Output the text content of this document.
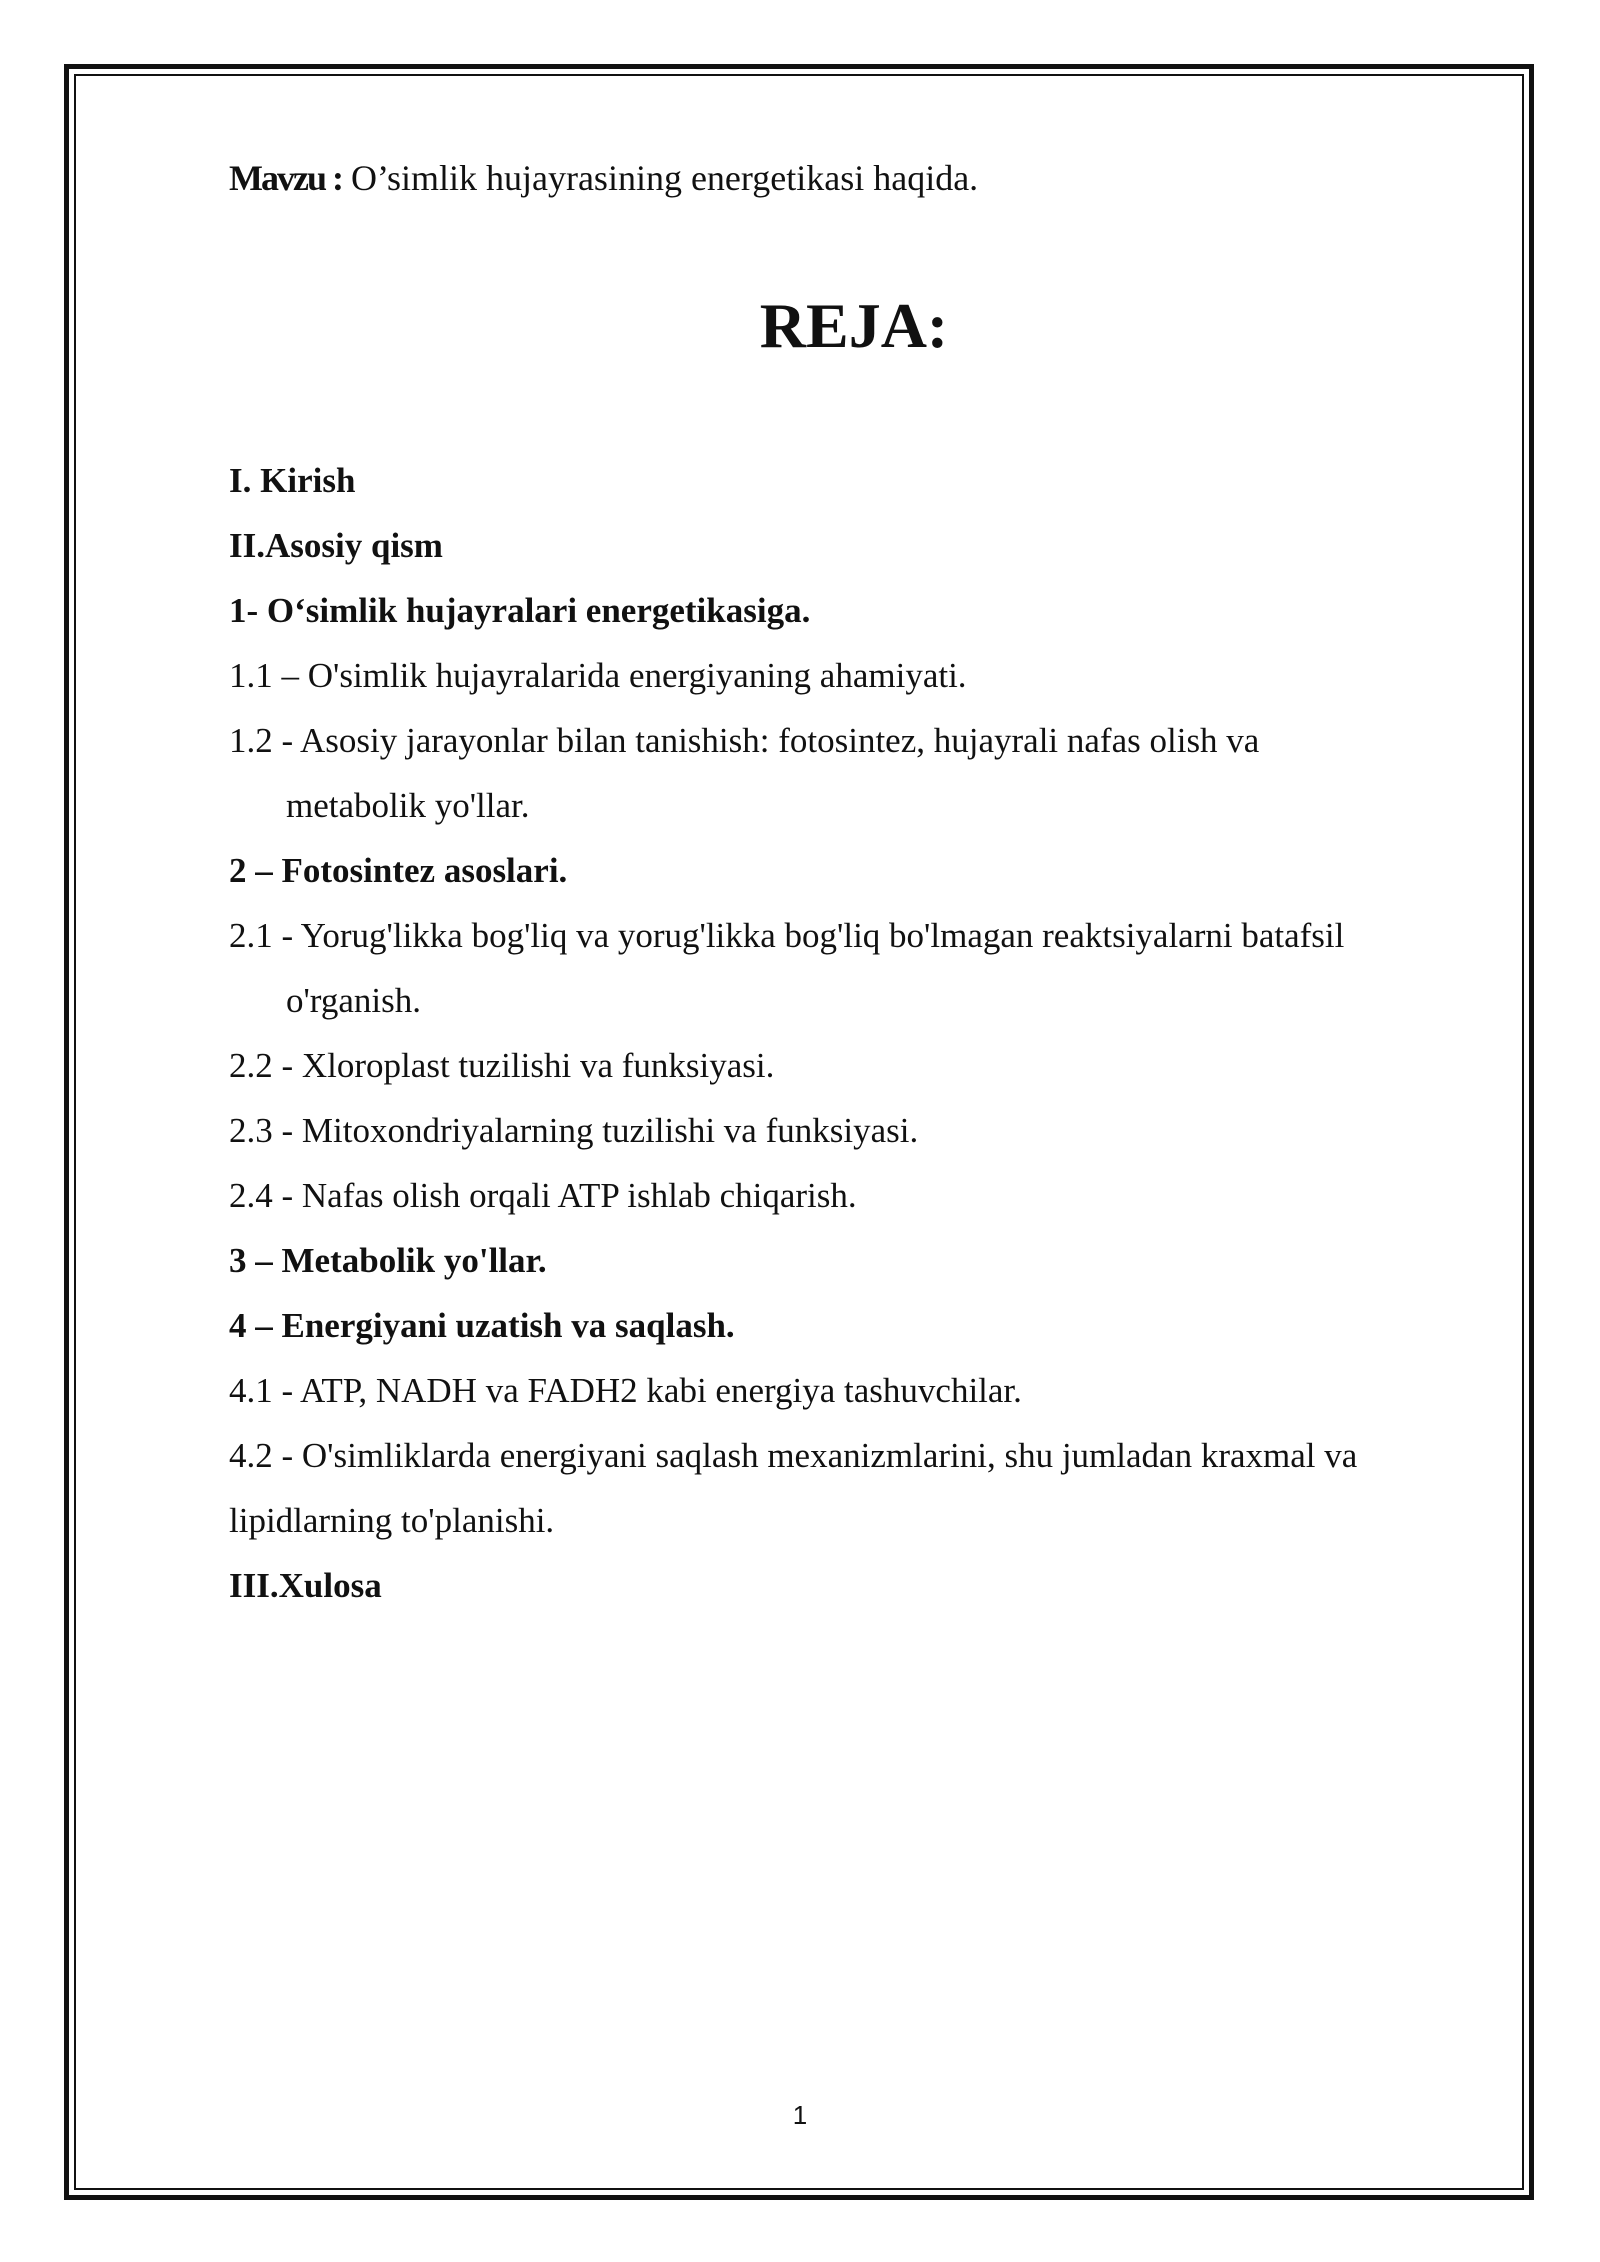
Mavzu : O’simlik hujayrasining energetikasi haqida.
REJA:
I. Kirish
II.Asosiy qism
1- O‘simlik hujayralari energetikasiga.
1.1 – O'simlik hujayralarida energiyaning ahamiyati.
1.2 - Asosiy jarayonlar bilan tanishish: fotosintez, hujayrali nafas olish va
metabolik yo'llar.
2 – Fotosintez asoslari.
2.1 - Yorug'likka bog'liq va yorug'likka bog'liq bo'lmagan reaktsiyalarni batafsil
o'rganish.
2.2 - Xloroplast tuzilishi va funksiyasi.
2.3 - Mitoxondriyalarning tuzilishi va funksiyasi.
2.4 - Nafas olish orqali ATP ishlab chiqarish.
3 – Metabolik yo'llar.
4 – Energiyani uzatish va saqlash.
4.1 - ATP, NADH va FADH2 kabi energiya tashuvchilar.
4.2 - O'simliklarda energiyani saqlash mexanizmlarini, shu jumladan kraxmal va
lipidlarning to'planishi.
III.Xulosa
1
